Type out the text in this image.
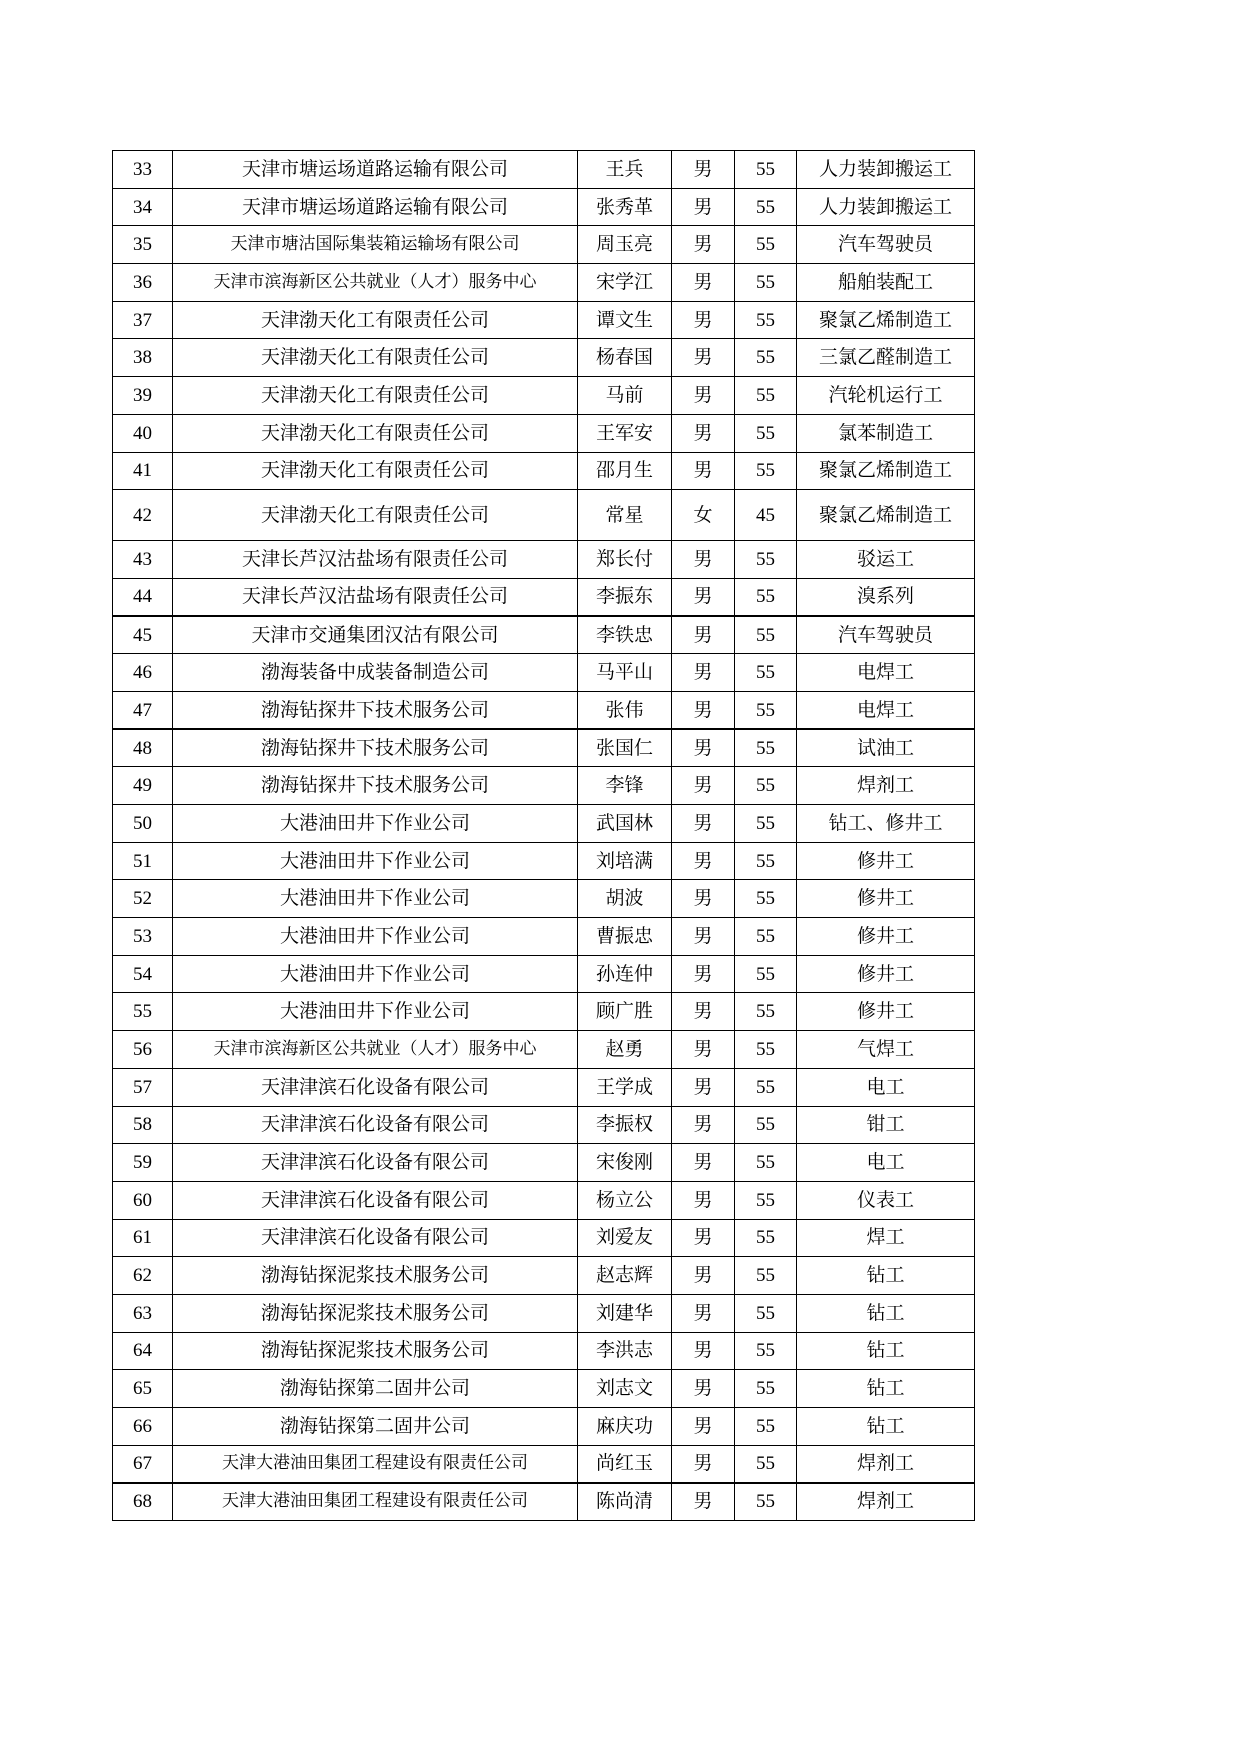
33	天津市塘运场道路运输有限公司	王兵	男	55	人力装卸搬运工
34	天津市塘运场道路运输有限公司	张秀革	男	55	人力装卸搬运工
35	天津市塘沽国际集装箱运输场有限公司	周玉亮	男	55	汽车驾驶员
36	天津市滨海新区公共就业（人才）服务中心	宋学江	男	55	船舶装配工
37	天津渤天化工有限责任公司	谭文生	男	55	聚氯乙烯制造工
38	天津渤天化工有限责任公司	杨春国	男	55	三氯乙醛制造工
39	天津渤天化工有限责任公司	马前	男	55	汽轮机运行工
40	天津渤天化工有限责任公司	王军安	男	55	氯苯制造工
41	天津渤天化工有限责任公司	邵月生	男	55	聚氯乙烯制造工
42	天津渤天化工有限责任公司	常星	女	45	聚氯乙烯制造工
43	天津长芦汉沽盐场有限责任公司	郑长付	男	55	驳运工
44	天津长芦汉沽盐场有限责任公司	李振东	男	55	溴系列
45	天津市交通集团汉沽有限公司	李铁忠	男	55	汽车驾驶员
46	渤海装备中成装备制造公司	马平山	男	55	电焊工
47	渤海钻探井下技术服务公司	张伟	男	55	电焊工
48	渤海钻探井下技术服务公司	张国仁	男	55	试油工
49	渤海钻探井下技术服务公司	李锋	男	55	焊剂工
50	大港油田井下作业公司	武国林	男	55	钻工、修井工
51	大港油田井下作业公司	刘培满	男	55	修井工
52	大港油田井下作业公司	胡波	男	55	修井工
53	大港油田井下作业公司	曹振忠	男	55	修井工
54	大港油田井下作业公司	孙连仲	男	55	修井工
55	大港油田井下作业公司	顾广胜	男	55	修井工
56	天津市滨海新区公共就业（人才）服务中心	赵勇	男	55	气焊工
57	天津津滨石化设备有限公司	王学成	男	55	电工
58	天津津滨石化设备有限公司	李振权	男	55	钳工
59	天津津滨石化设备有限公司	宋俊刚	男	55	电工
60	天津津滨石化设备有限公司	杨立公	男	55	仪表工
61	天津津滨石化设备有限公司	刘爱友	男	55	焊工
62	渤海钻探泥浆技术服务公司	赵志辉	男	55	钻工
63	渤海钻探泥浆技术服务公司	刘建华	男	55	钻工
64	渤海钻探泥浆技术服务公司	李洪志	男	55	钻工
65	渤海钻探第二固井公司	刘志文	男	55	钻工
66	渤海钻探第二固井公司	麻庆功	男	55	钻工
67	天津大港油田集团工程建设有限责任公司	尚红玉	男	55	焊剂工
68	天津大港油田集团工程建设有限责任公司	陈尚清	男	55	焊剂工
